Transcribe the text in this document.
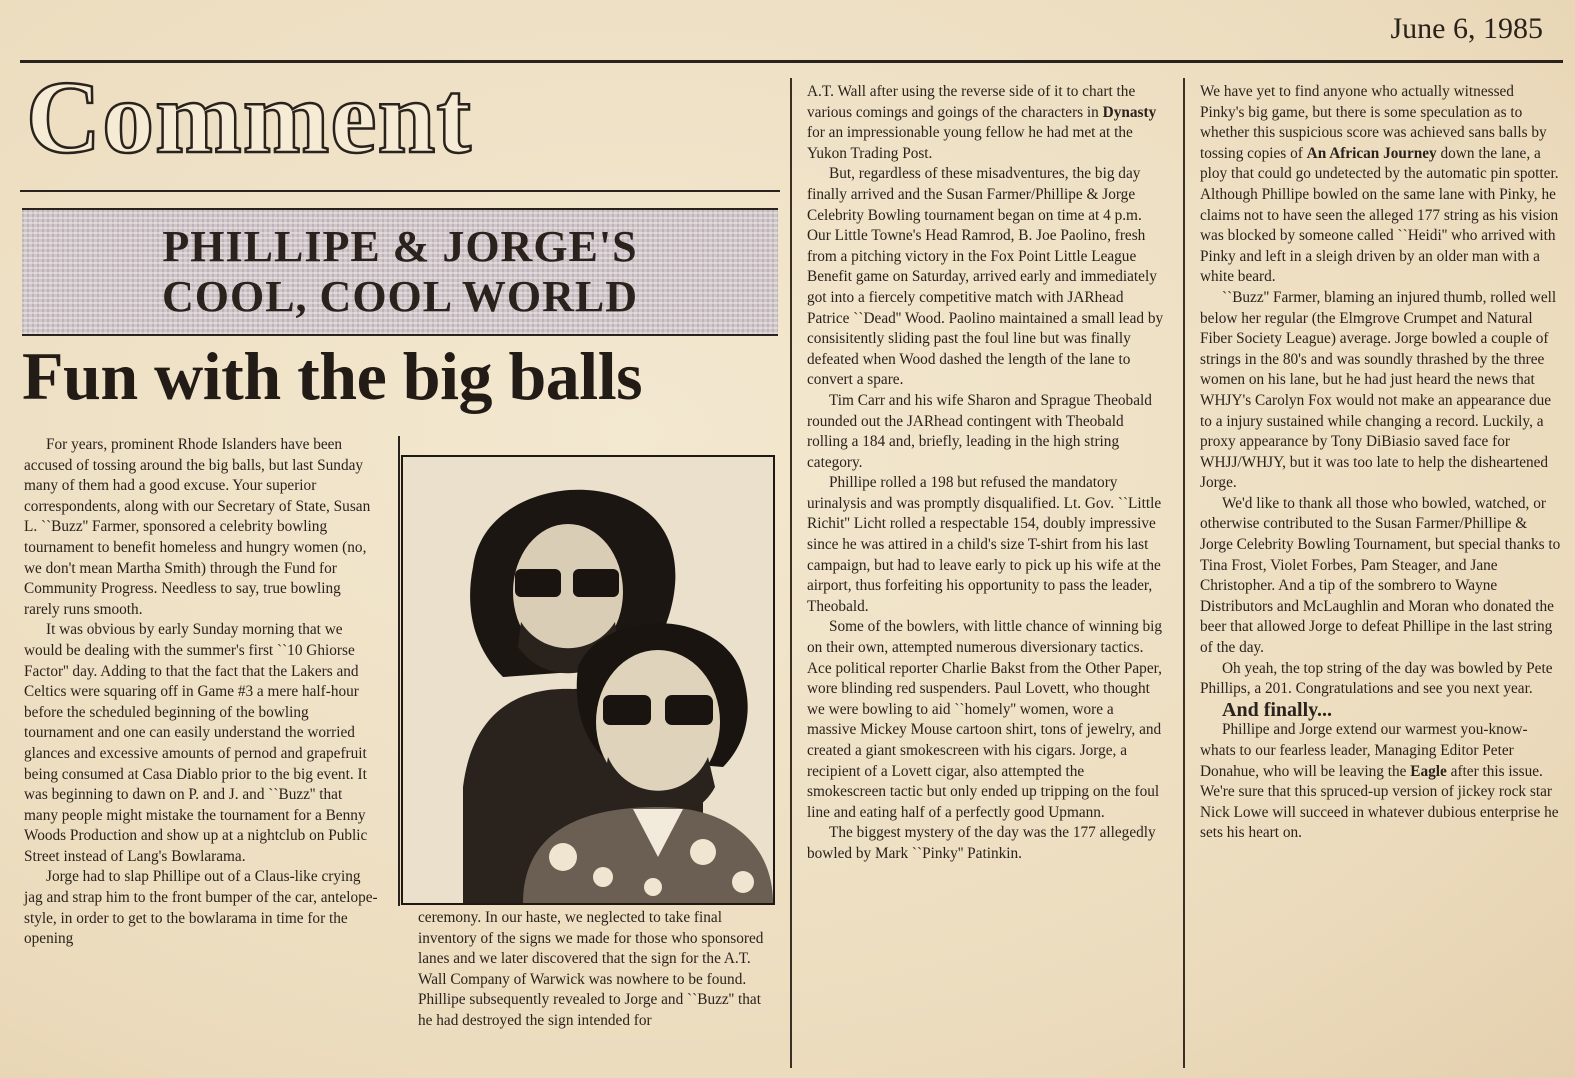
June 6, 1985
Comment
PHILLIPE & JORGE'S
COOL, COOL WORLD
Fun with the big balls

For years, prominent Rhode Islanders have been accused of tossing around the big balls, but last Sunday many of them had a good excuse. Your superior correspondents, along with our Secretary of State, Susan L. ``Buzz'' Farmer, sponsored a celebrity bowling tournament to benefit homeless and hungry women (no, we don't mean Martha Smith) through the Fund for Community Progress. Needless to say, true bowling rarely runs smooth.

It was obvious by early Sunday morning that we would be dealing with the summer's first ``10 Ghiorse Factor'' day. Adding to that the fact that the Lakers and Celtics were squaring off in Game #3 a mere half-hour before the scheduled beginning of the bowling tournament and one can easily understand the worried glances and excessive amounts of pernod and grapefruit being consumed at Casa Diablo prior to the big event. It was beginning to dawn on P. and J. and ``Buzz'' that many people might mistake the tournament for a Benny Woods Production and show up at a nightclub on Public Street instead of Lang's Bowlarama.

Jorge had to slap Phillipe out of a Claus-like crying jag and strap him to the front bumper of the car, antelope-style, in order to get to the bowlarama in time for the opening

ceremony. In our haste, we neglected to take final inventory of the signs we made for those who sponsored lanes and we later discovered that the sign for the A.T. Wall Company of Warwick was nowhere to be found. Phillipe subsequently revealed to Jorge and ``Buzz'' that he had destroyed the sign intended for

A.T. Wall after using the reverse side of it to chart the various comings and goings of the characters in Dynasty for an impressionable young fellow he had met at the Yukon Trading Post.

But, regardless of these misadventures, the big day finally arrived and the Susan Farmer/Phillipe & Jorge Celebrity Bowling tournament began on time at 4 p.m. Our Little Towne's Head Ramrod, B. Joe Paolino, fresh from a pitching victory in the Fox Point Little League Benefit game on Saturday, arrived early and immediately got into a fiercely competitive match with JARhead Patrice ``Dead'' Wood. Paolino maintained a small lead by consisitently sliding past the foul line but was finally defeated when Wood dashed the length of the lane to convert a spare.

Tim Carr and his wife Sharon and Sprague Theobald rounded out the JARhead contingent with Theobald rolling a 184 and, briefly, leading in the high string category.

Phillipe rolled a 198 but refused the mandatory urinalysis and was promptly disqualified. Lt. Gov. ``Little Richit'' Licht rolled a respectable 154, doubly impressive since he was attired in a child's size T-shirt from his last campaign, but had to leave early to pick up his wife at the airport, thus forfeiting his opportunity to pass the leader, Theobald.

Some of the bowlers, with little chance of winning big on their own, attempted numerous diversionary tactics. Ace political reporter Charlie Bakst from the Other Paper, wore blinding red suspenders. Paul Lovett, who thought we were bowling to aid ``homely'' women, wore a massive Mickey Mouse cartoon shirt, tons of jewelry, and created a giant smokescreen with his cigars. Jorge, a recipient of a Lovett cigar, also attempted the smokescreen tactic but only ended up tripping on the foul line and eating half of a perfectly good Upmann.

The biggest mystery of the day was the 177 allegedly bowled by Mark ``Pinky'' Patinkin.

We have yet to find anyone who actually witnessed Pinky's big game, but there is some speculation as to whether this suspicious score was achieved sans balls by tossing copies of An African Journey down the lane, a ploy that could go undetected by the automatic pin spotter. Although Phillipe bowled on the same lane with Pinky, he claims not to have seen the alleged 177 string as his vision was blocked by someone called ``Heidi'' who arrived with Pinky and left in a sleigh driven by an older man with a white beard.

``Buzz'' Farmer, blaming an injured thumb, rolled well below her regular (the Elmgrove Crumpet and Natural Fiber Society League) average. Jorge bowled a couple of strings in the 80's and was soundly thrashed by the three women on his lane, but he had just heard the news that WHJY's Carolyn Fox would not make an appearance due to a injury sustained while changing a record. Luckily, a proxy appearance by Tony DiBiasio saved face for WHJJ/WHJY, but it was too late to help the disheartened Jorge.

We'd like to thank all those who bowled, watched, or otherwise contributed to the Susan Farmer/Phillipe & Jorge Celebrity Bowling Tournament, but special thanks to Tina Frost, Violet Forbes, Pam Steager, and Jane Christopher. And a tip of the sombrero to Wayne Distributors and McLaughlin and Moran who donated the beer that allowed Jorge to defeat Phillipe in the last string of the day.

Oh yeah, the top string of the day was bowled by Pete Phillips, a 201. Congratulations and see you next year.

And finally...

Phillipe and Jorge extend our warmest you-know-whats to our fearless leader, Managing Editor Peter Donahue, who will be leaving the Eagle after this issue. We're sure that this spruced-up version of jickey rock star Nick Lowe will succeed in whatever dubious enterprise he sets his heart on.
